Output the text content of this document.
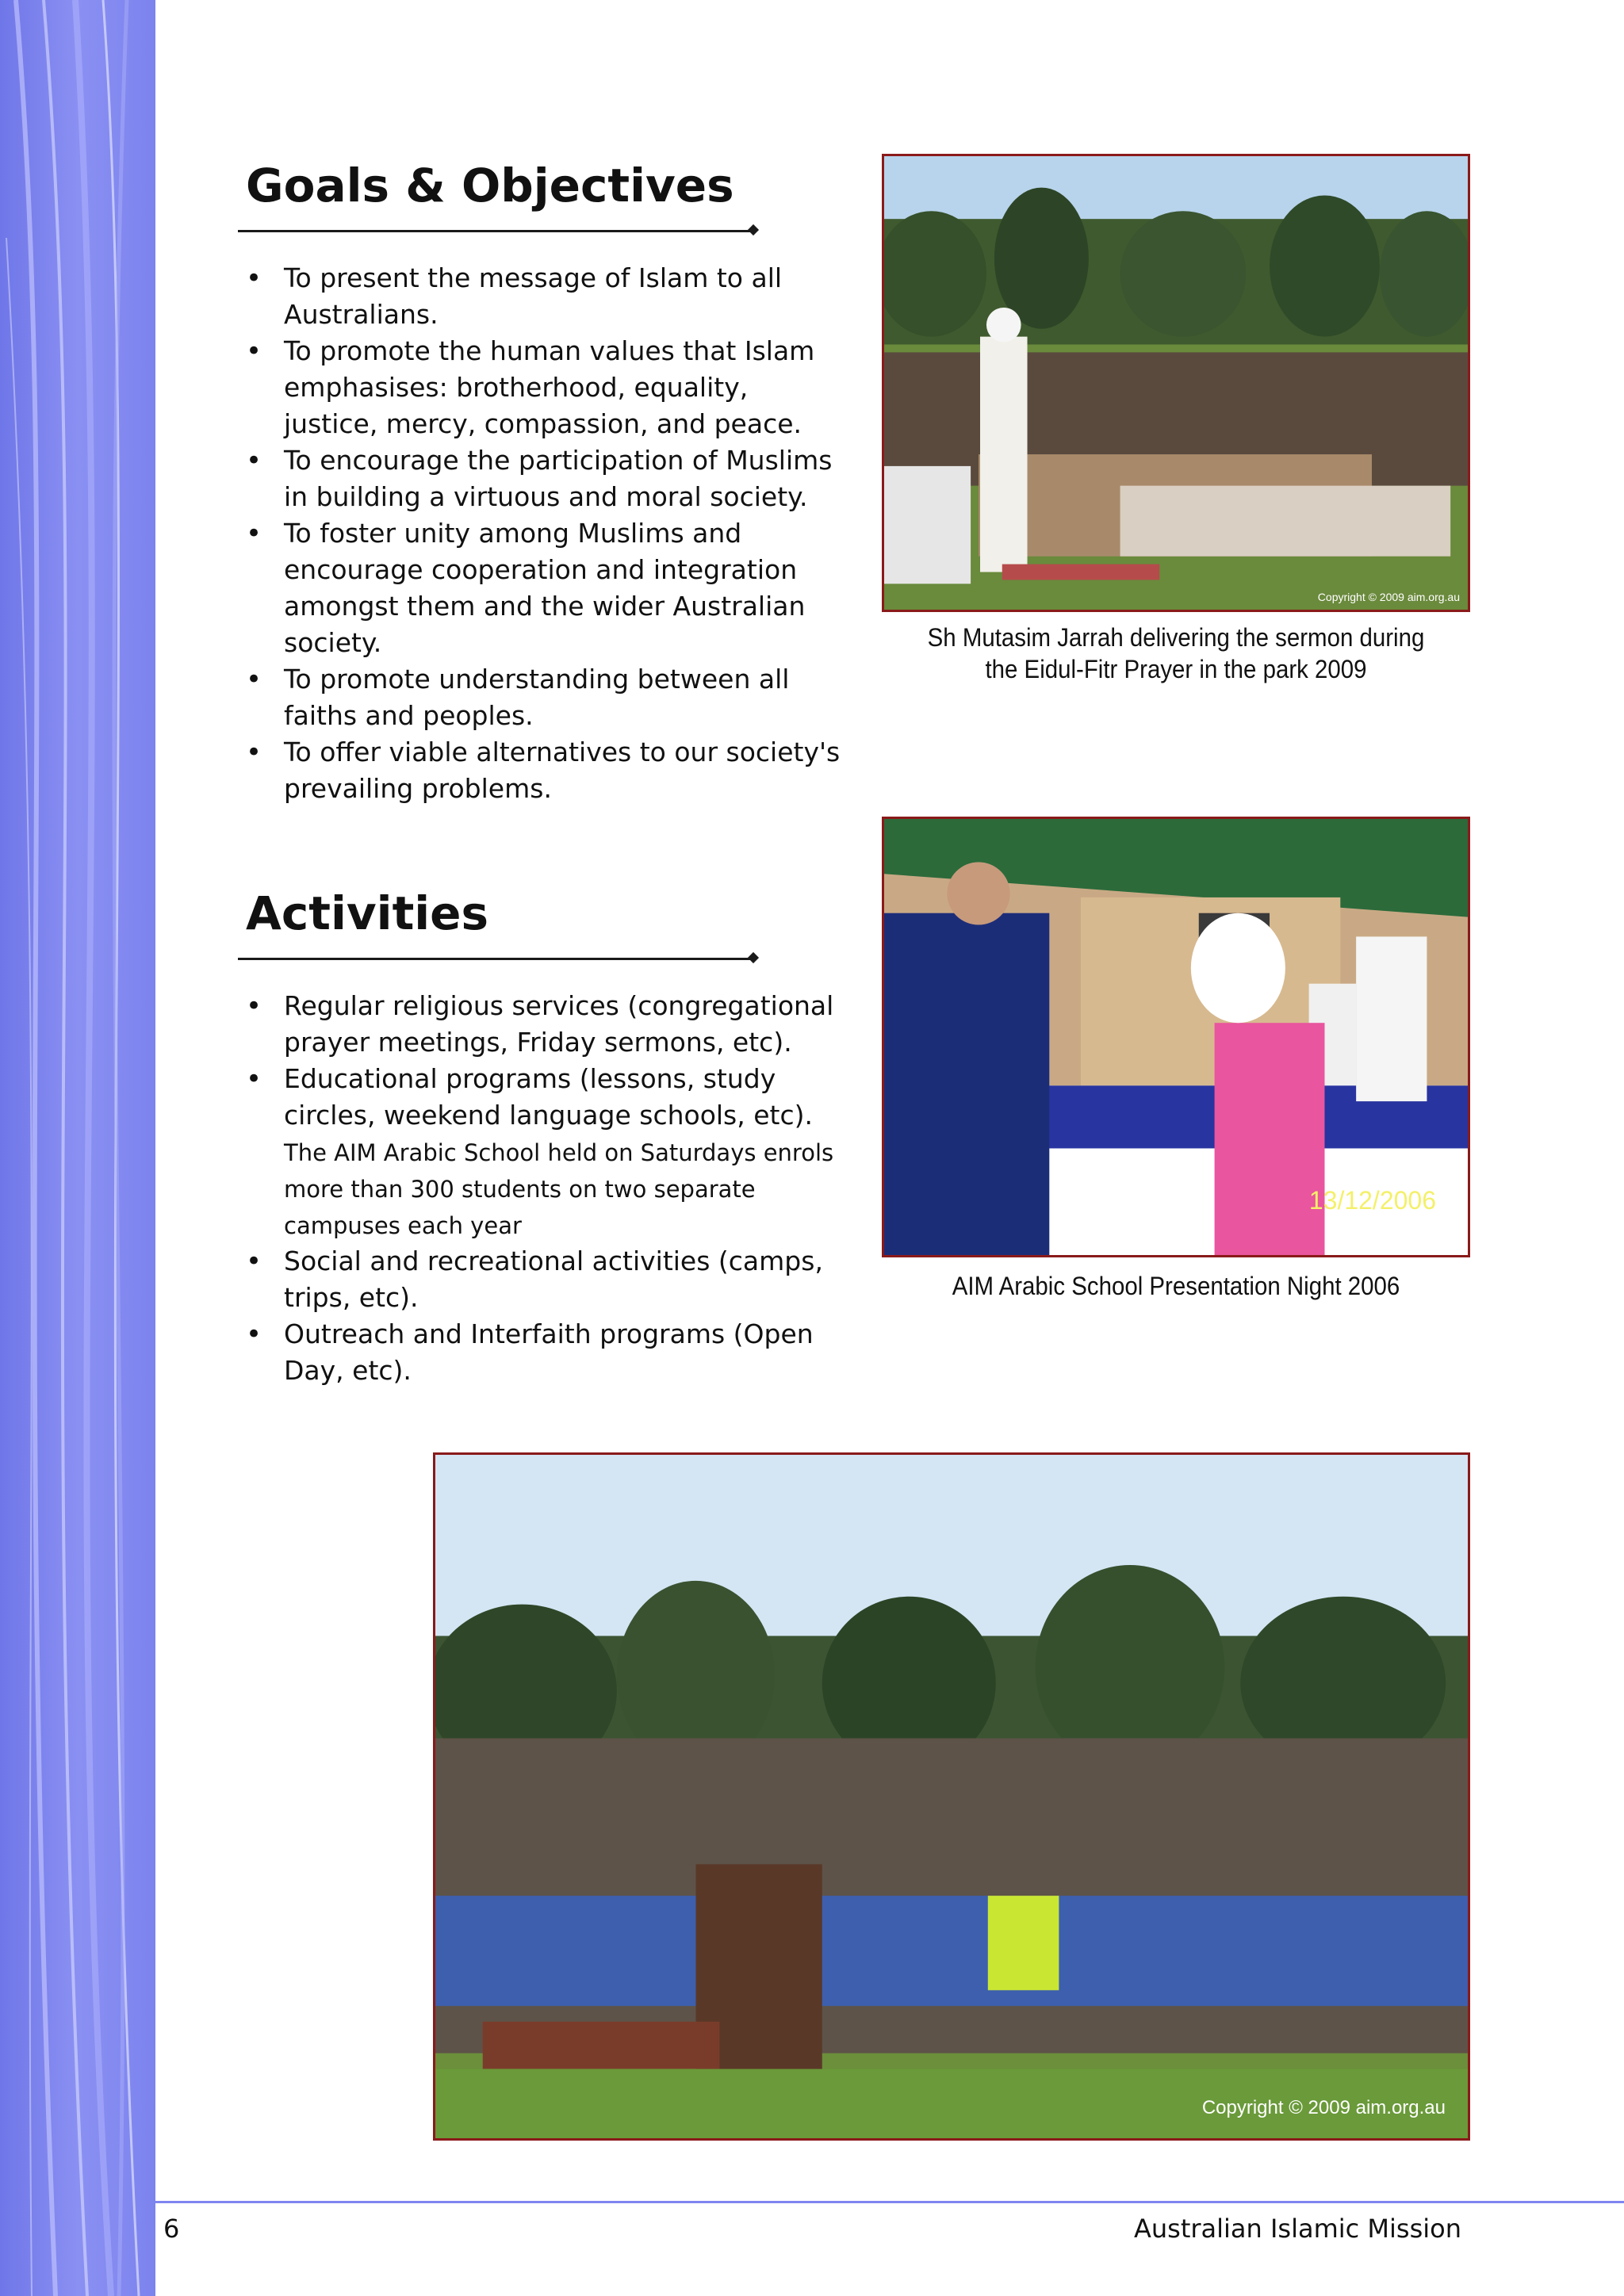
Goals & Objectives
• To present the message of Islam to all Australians.
• To promote the human values that Islam emphasises: brotherhood, equality, justice, mercy, compassion, and peace.
• To encourage the participation of Muslims in building a virtuous and moral society.
• To foster unity among Muslims and encourage cooperation and integration amongst them and the wider Australian society.
• To promote understanding between all faiths and peoples.
• To offer viable alternatives to our society's prevailing problems.
Activities
• Regular religious services (congregational prayer meetings, Friday sermons, etc).
• Educational programs (lessons, study circles, weekend language schools, etc). The AIM Arabic School held on Saturdays enrols more than 300 students on two separate campuses each year
• Social and recreational activities (camps, trips, etc).
• Outreach and Interfaith programs (Open Day, etc).
Copyright © 2009 aim.org.au
Sh Mutasim Jarrah delivering the sermon during
the Eidul-Fitr Prayer in the park 2009
13/12/2006
AIM Arabic School Presentation Night 2006
Copyright © 2009 aim.org.au
6	Australian Islamic Mission
